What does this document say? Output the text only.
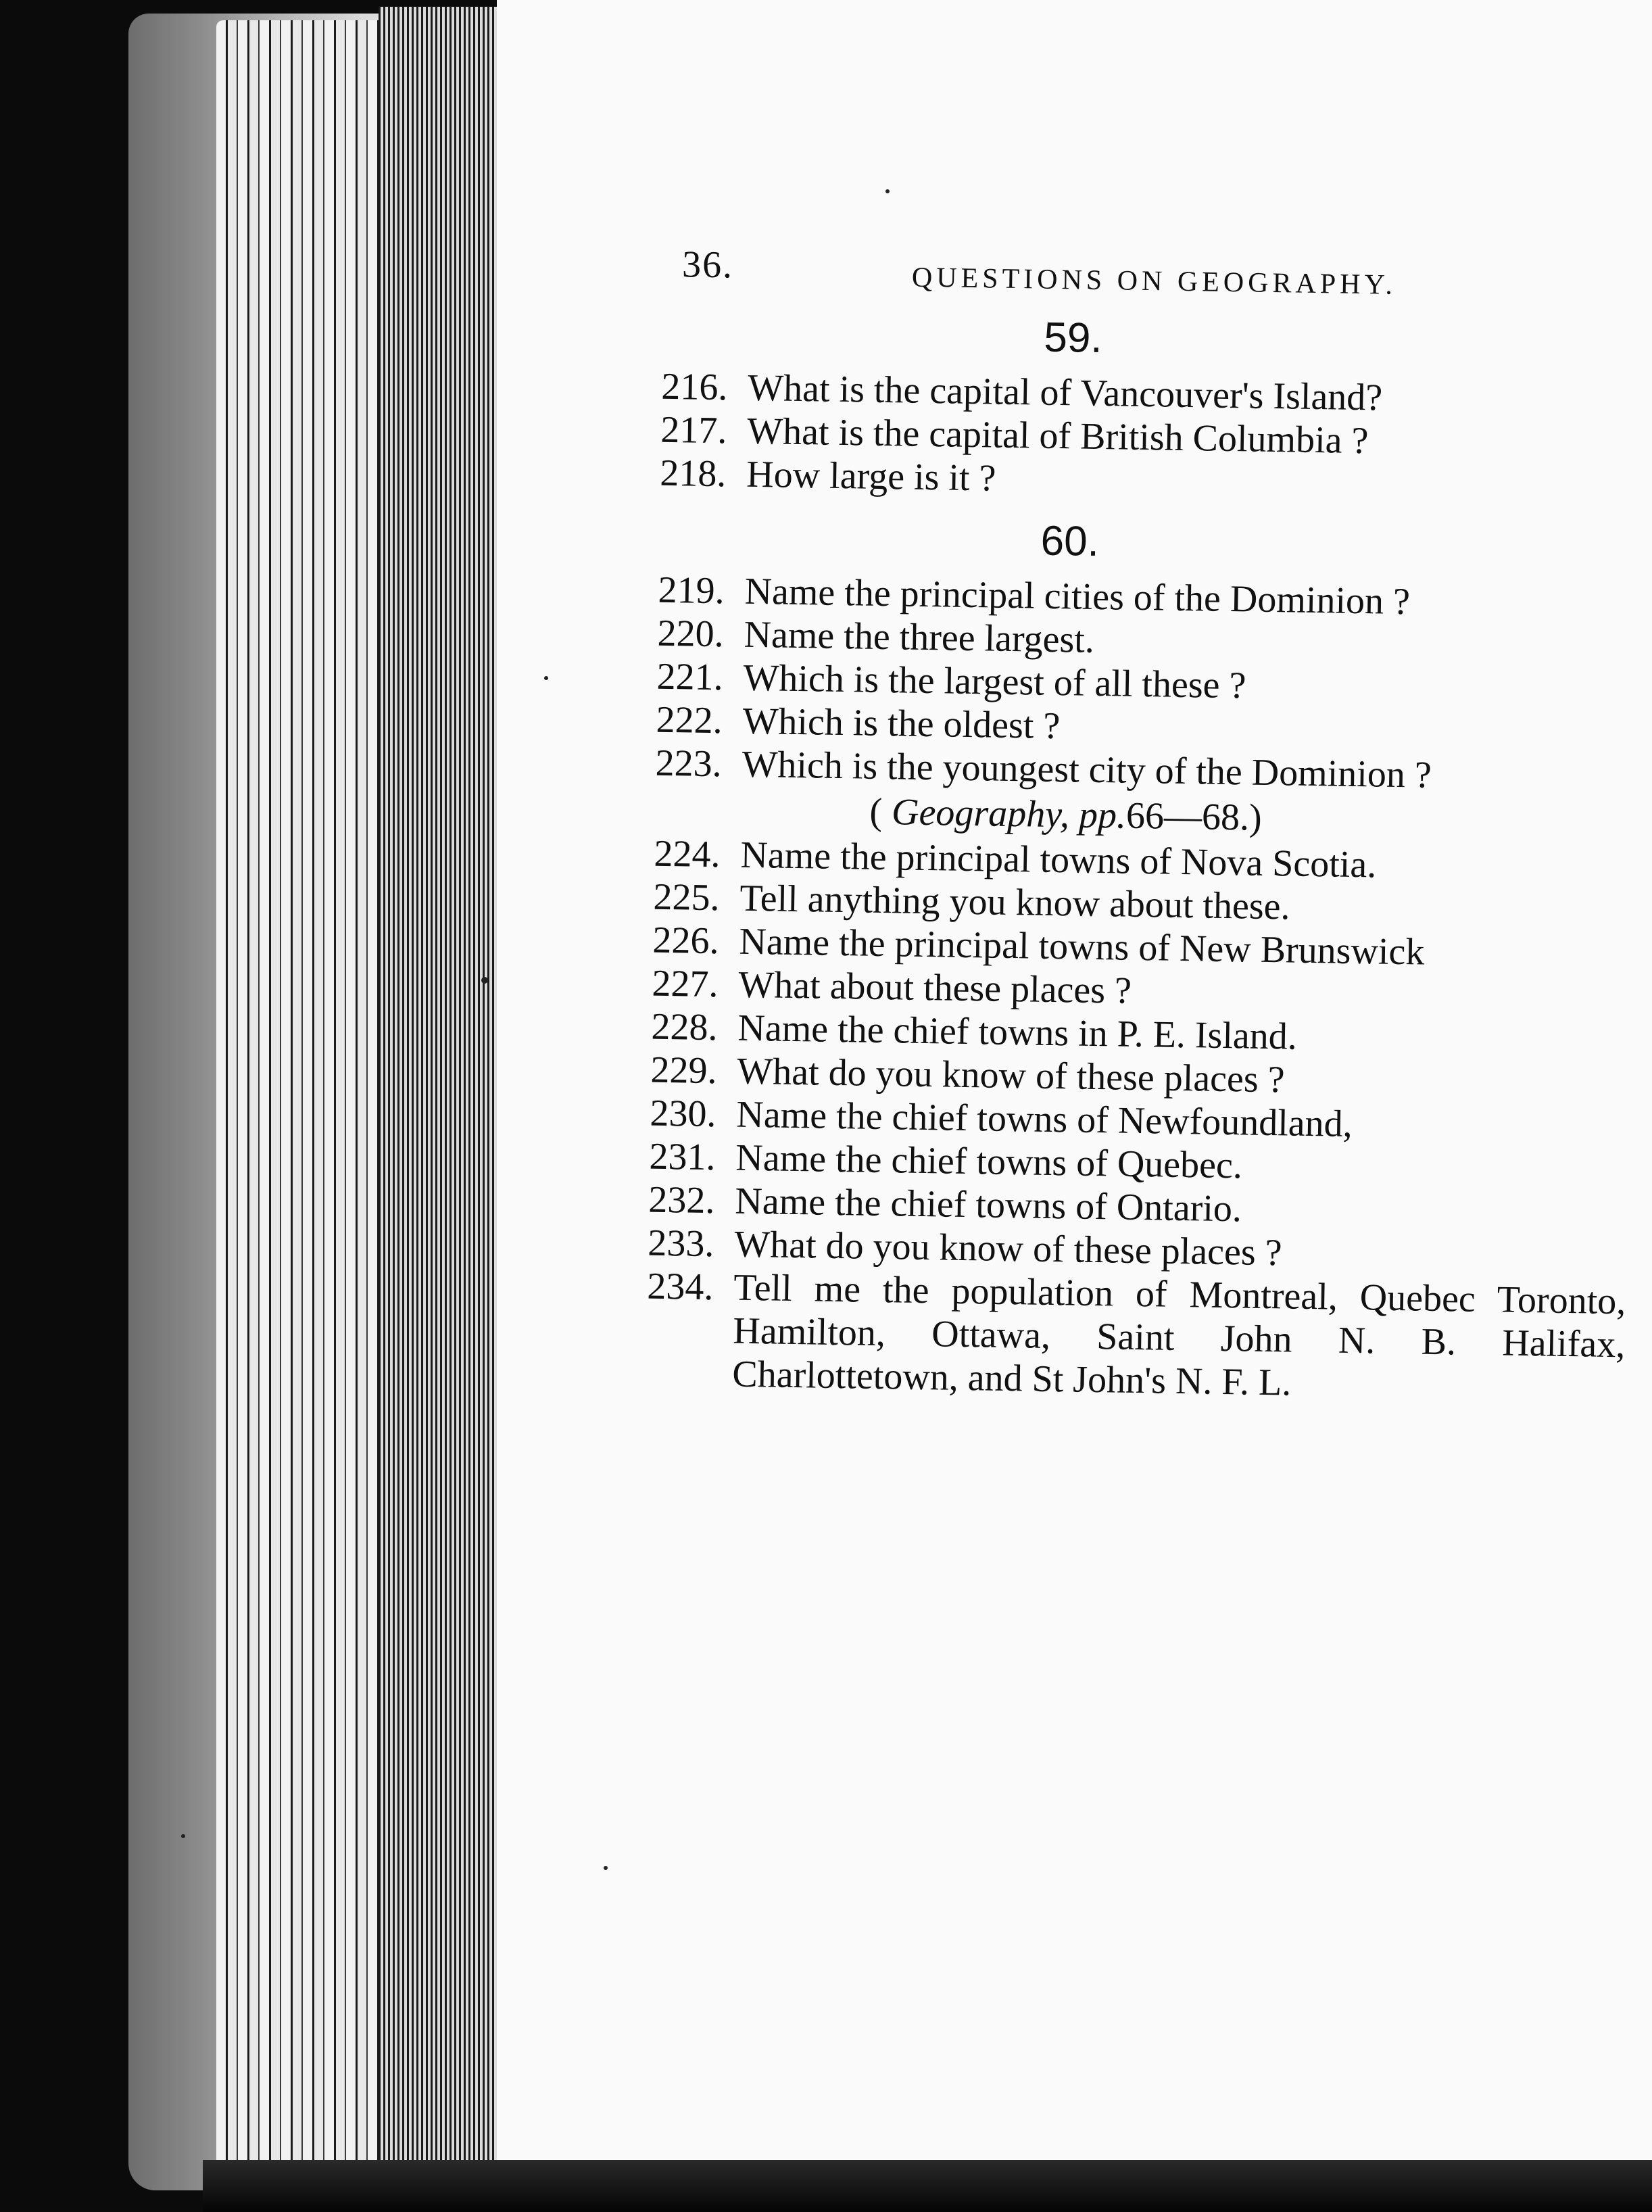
36.	QUESTIONS ON GEOGRAPHY.
59.
216. What is the capital of Vancouver's Island?
217. What is the capital of British Columbia ?
218. How large is it ?
60.
219. Name the principal cities of the Dominion ?
220. Name the three largest.
221. Which is the largest of all these ?
222. Which is the oldest ?
223. Which is the youngest city of the Dominion ?
( Geography, pp.66—68.)
224. Name the principal towns of Nova Scotia.
225. Tell anything you know about these.
226. Name the principal towns of New Brunswick
227. What about these places ?
228. Name the chief towns in P. E. Island.
229. What do you know of these places ?
230. Name the chief towns of Newfoundland,
231. Name the chief towns of Quebec.
232. Name the chief towns of Ontario.
233. What do you know of these places ?
234. Tell me the population of Montreal, Quebec Toronto, Hamilton, Ottawa, Saint John N. B. Halifax, Charlottetown, and St John's N. F. L.
